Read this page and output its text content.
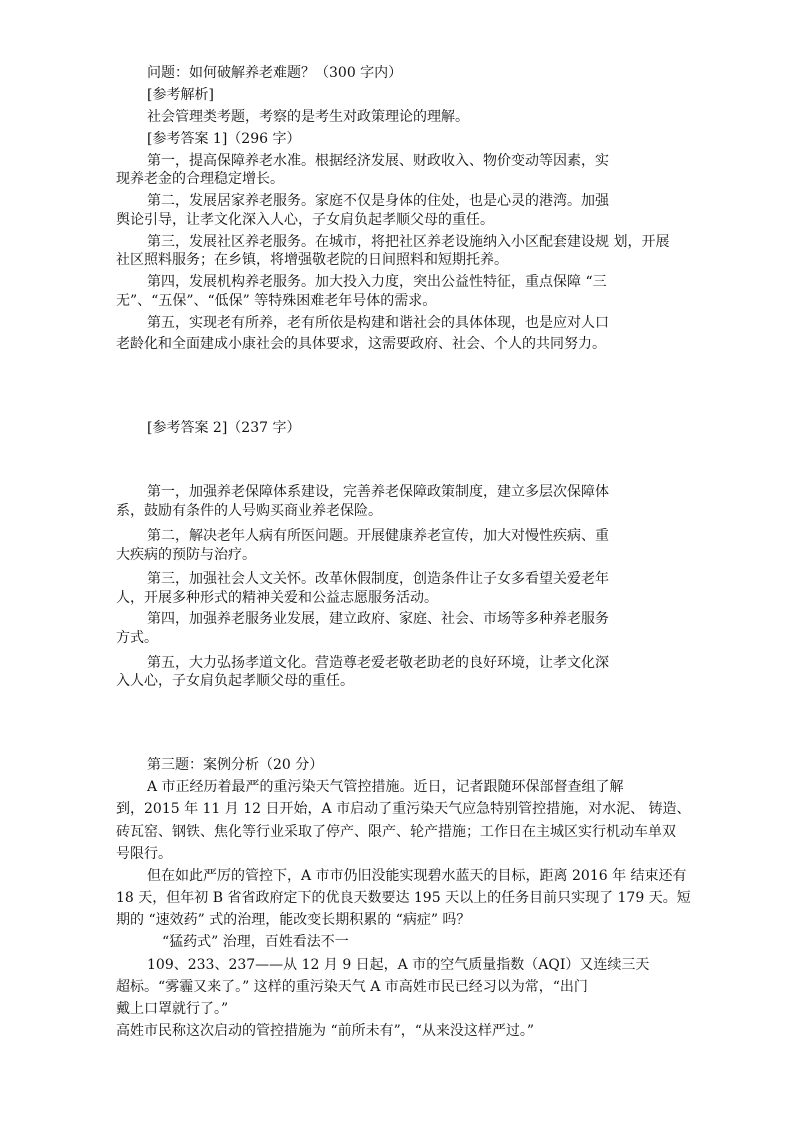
问题：如何破解养老难题？（300 字内）
[参考解析]
社会管理类考题，考察的是考生对政策理论的理解。
[参考答案 1]（296 字）
第一，提高保障养老水准。根据经济发展、财政收入、物价变动等因素，实
现养老金的合理稳定增长。
第二，发展居家养老服务。家庭不仅是身体的住处，也是心灵的港湾。加强
舆论引导，让孝文化深入人心，子女肩负起孝顺父母的重任。
第三，发展社区养老服务。在城市，将把社区养老设施纳入小区配套建设规 划，开展
社区照料服务；在乡镇，将增强敬老院的日间照料和短期托养。
第四，发展机构养老服务。加大投入力度，突出公益性特征，重点保障 “三
无”、“五保”、“低保” 等特殊困难老年号体的需求。
第五，实现老有所养，老有所依是构建和谐社会的具体体现，也是应对人口
老龄化和全面建成小康社会的具体要求，这需要政府、社会、个人的共同努力。
[参考答案 2]（237 字）
第一，加强养老保障体系建设，完善养老保障政策制度，建立多层次保障体
系，鼓励有条件的人号购买商业养老保险。
第二，解决老年人病有所医问题。开展健康养老宣传，加大对慢性疾病、重
大疾病的预防与治疗。
第三，加强社会人文关怀。改革休假制度，创造条件让子女多看望关爱老年
人，开展多种形式的精神关爱和公益志愿服务活动。
第四，加强养老服务业发展，建立政府、家庭、社会、市场等多种养老服务
方式。
第五，大力弘扬孝道文化。营造尊老爱老敬老助老的良好环境，让孝文化深
入人心，子女肩负起孝顺父母的重任。
第三题：案例分析（20 分）
A 市正经历着最严的重污染天气管控措施。近日，记者跟随环保部督查组了解
到，2015 年 11 月 12 日开始，A 市启动了重污染天气应急特别管控措施，对水泥、 铸造、
砖瓦窑、钢铁、焦化等行业采取了停产、限产、轮产措施；工作日在主城区实行机动车单双
号限行。
但在如此严厉的管控下，A 市市仍旧没能实现碧水蓝天的目标，距离 2016 年 结束还有
18 天，但年初 B 省省政府定下的优良天数要达 195 天以上的任务目前只实现了 179 天。短
期的 “速效药” 式的治理，能改变长期积累的 “病症” 吗？
“猛药式” 治理，百姓看法不一
109、233、237——从 12 月 9 日起，A 市的空气质量指数（AQI）又连续三天
超标。“雾霾又来了。” 这样的重污染天气 A 市高姓市民已经习以为常，“出门
戴上口罩就行了。”
高姓市民称这次启动的管控措施为 “前所未有”，“从来没这样严过。”
